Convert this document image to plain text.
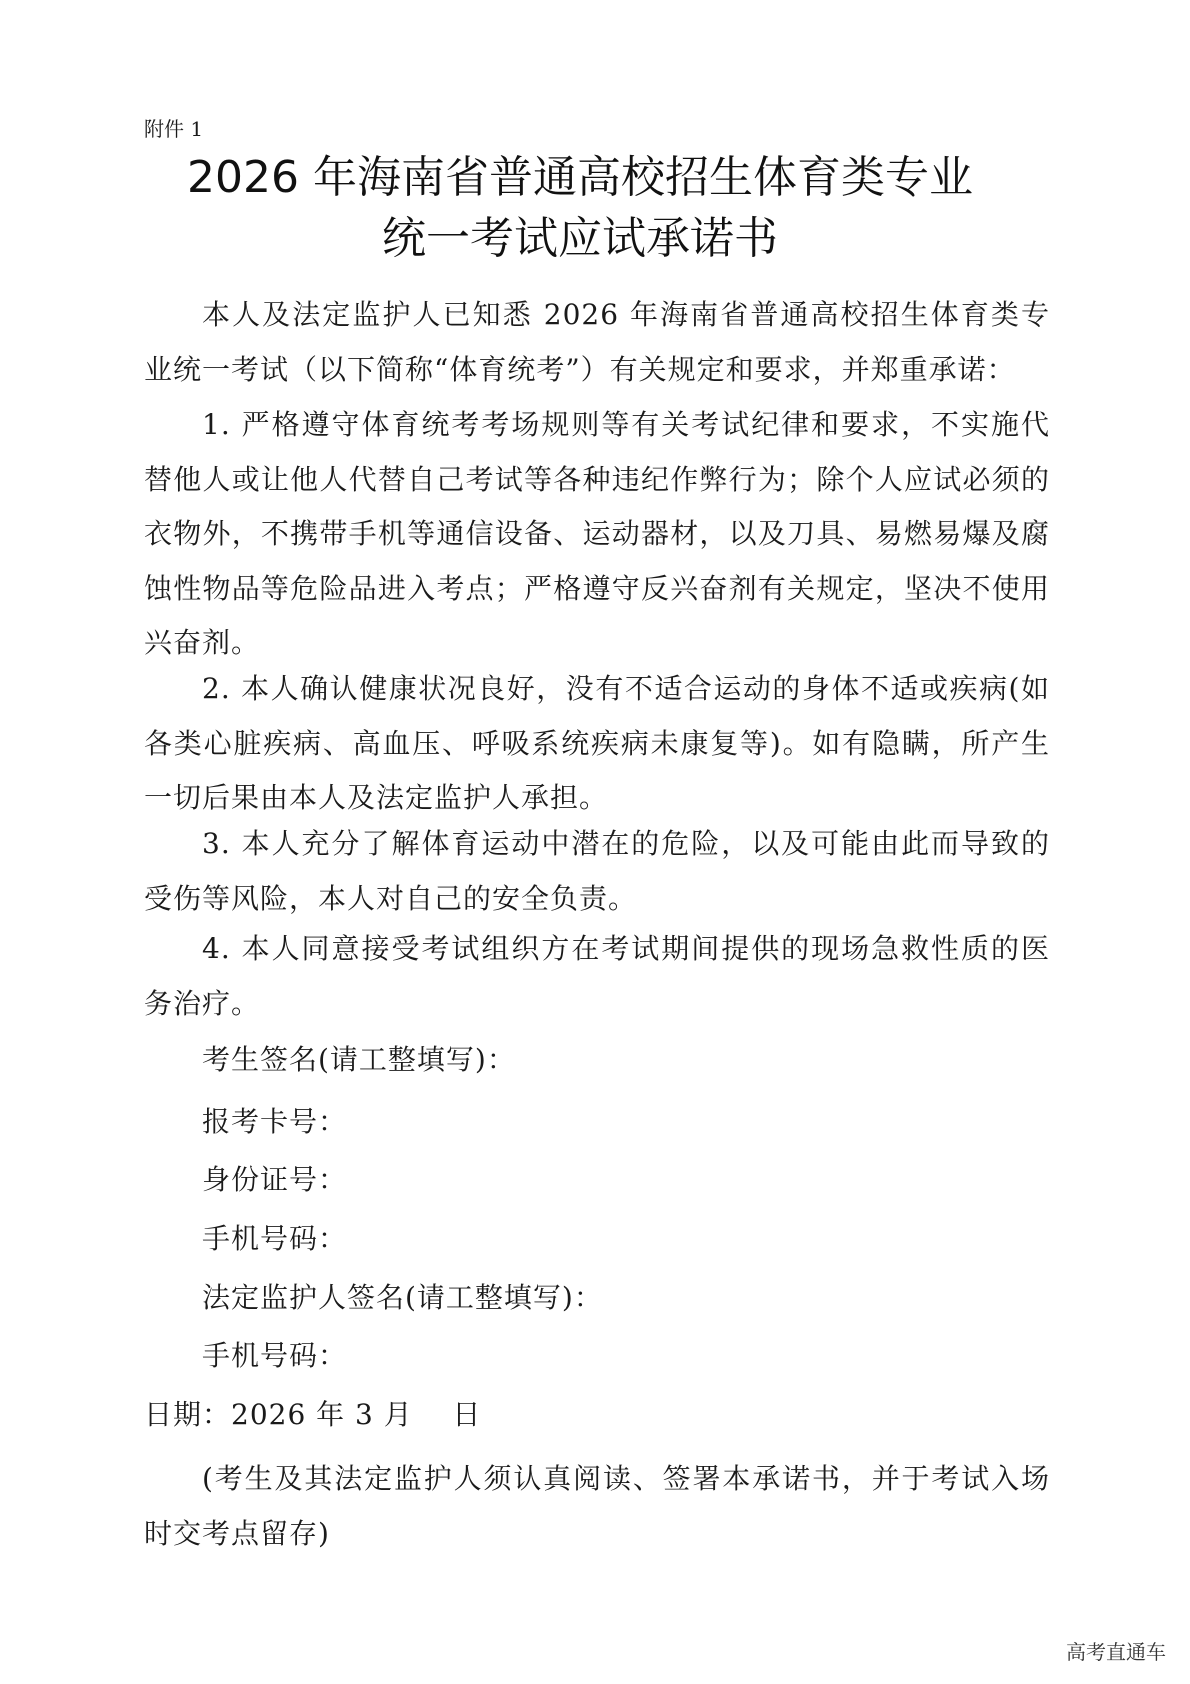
附件 1
2026 年海南省普通高校招生体育类专业
统一考试应试承诺书

本人及法定监护人已知悉 2026 年海南省普通高校招生体育类专业统一考试（以下简称“体育统考”）有关规定和要求，并郑重承诺：

1. 严格遵守体育统考考场规则等有关考试纪律和要求，不实施代替他人或让他人代替自己考试等各种违纪作弊行为；除个人应试必须的衣物外，不携带手机等通信设备、运动器材，以及刀具、易燃易爆及腐蚀性物品等危险品进入考点；严格遵守反兴奋剂有关规定，坚决不使用兴奋剂。

2. 本人确认健康状况良好，没有不适合运动的身体不适或疾病(如各类心脏疾病、高血压、呼吸系统疾病未康复等)。如有隐瞒，所产生一切后果由本人及法定监护人承担。

3. 本人充分了解体育运动中潜在的危险，以及可能由此而导致的受伤等风险，本人对自己的安全负责。

4. 本人同意接受考试组织方在考试期间提供的现场急救性质的医务治疗。

考生签名(请工整填写)：
报考卡号：
身份证号：
手机号码：
法定监护人签名(请工整填写)：
手机号码：
日期：2026 年 3 月    日

(考生及其法定监护人须认真阅读、签署本承诺书，并于考试入场时交考点留存)

高考直通车
